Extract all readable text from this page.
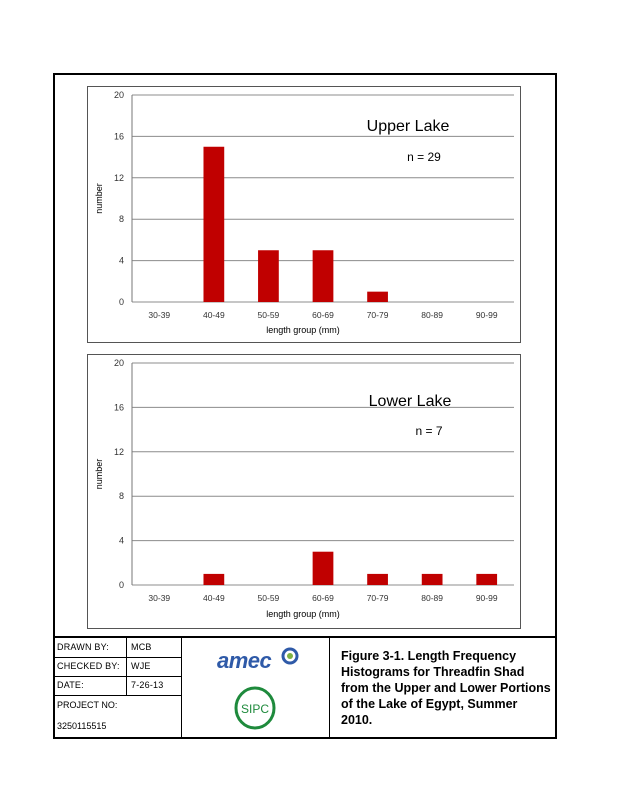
0
4
8
12
16
20
30-39	40-49	50-59	60-69	70-79	80-89	90-99
Upper Lake
n = 29
length group (mm)
number
0
4
8
12
16
20
30-39	40-49	50-59	60-69	70-79	80-89	90-99
Lower Lake
n = 7
length group (mm)
number
DRAWN BY: MCB
CHECKED BY: WJE
DATE:	7-26-13
PROJECT NO:
3250115515
amec
SIPC
Figure 3-1. Length Frequency Histograms for Threadfin Shad from the Upper and Lower Portions of the Lake of Egypt, Summer 2010.
